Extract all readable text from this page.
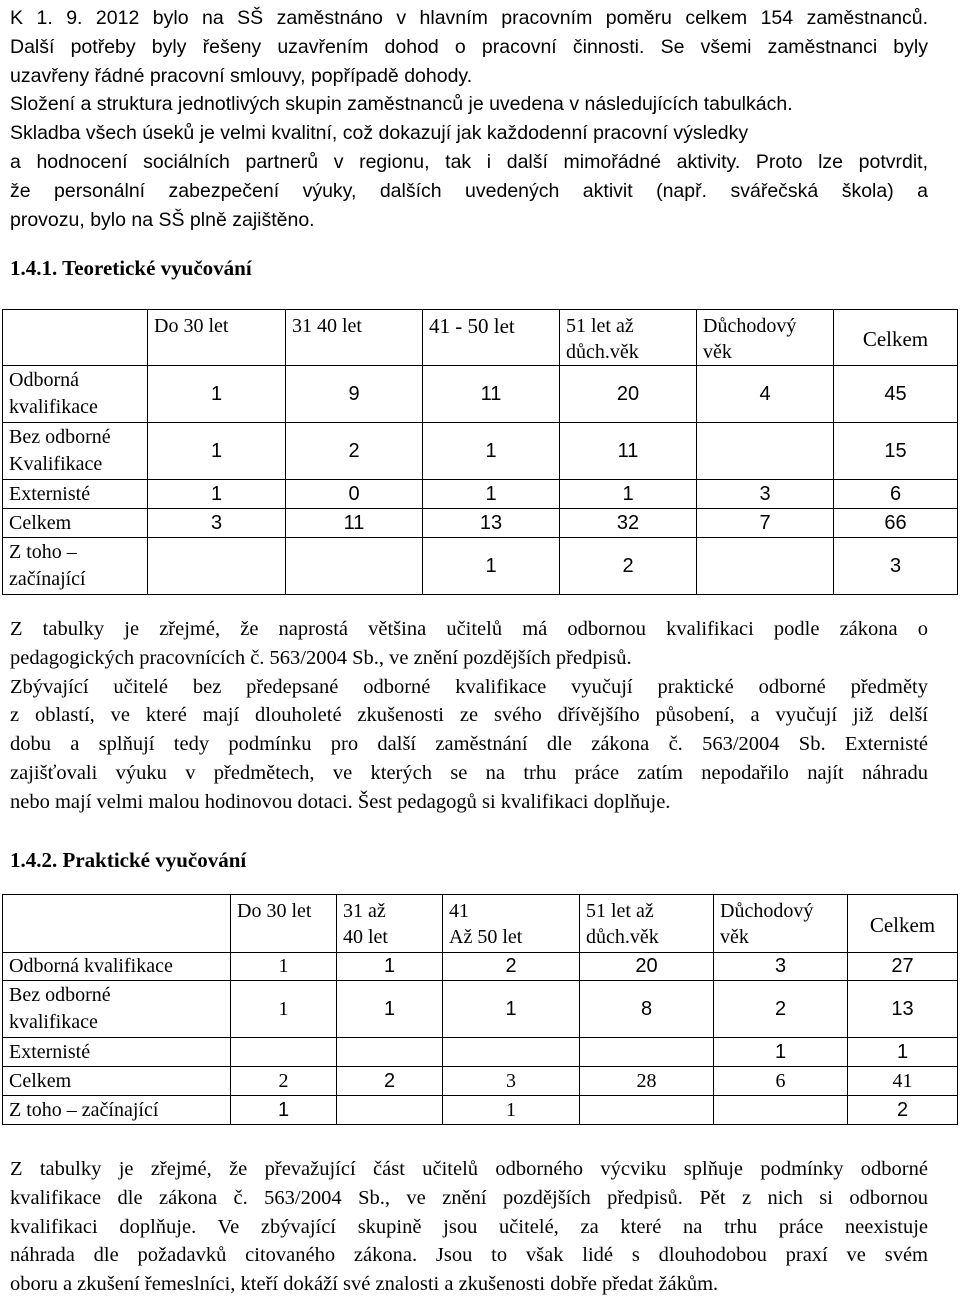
K 1. 9. 2012 bylo na SŠ zaměstnáno v hlavním pracovním poměru celkem 154 zaměstnanců.
Další potřeby byly řešeny uzavřením dohod o pracovní činnosti. Se všemi zaměstnanci byly
uzavřeny řádné pracovní smlouvy, popřípadě dohody.
Složení a struktura jednotlivých skupin zaměstnanců je uvedena v následujících tabulkách.
Skladba všech úseků je velmi kvalitní, což dokazují jak každodenní pracovní výsledky
a hodnocení sociálních partnerů v regionu, tak i další mimořádné aktivity. Proto lze potvrdit,
že personální zabezpečení výuky, dalších uvedených aktivit (např. svářečská škola) a
provozu, bylo na SŠ plně zajištěno.
1.4.1. Teoretické vyučování
	Do 30 let	31 40 let	41 - 50 let	51 let až
důch.věk	Důchodový
věk	Celkem
Odborná
kvalifikace	1	9	11	20	4	45
Bez odborné
Kvalifikace	1	2	1	11		15
Externisté	1	0	1	1	3	6
Celkem	3	11	13	32	7	66
Z toho –
začínající			1	2		3
Z tabulky je zřejmé, že naprostá většina učitelů má odbornou kvalifikaci podle zákona o
pedagogických pracovnících č. 563/2004 Sb., ve znění pozdějších předpisů.
Zbývající učitelé bez předepsané odborné kvalifikace vyučují praktické odborné předměty
z oblastí, ve které mají dlouholeté zkušenosti ze svého dřívějšího působení, a vyučují již delší
dobu a splňují tedy podmínku pro další zaměstnání dle zákona č. 563/2004 Sb. Externisté
zajišťovali výuku v předmětech, ve kterých se na trhu práce zatím nepodařilo najít náhradu
nebo mají velmi malou hodinovou dotaci. Šest pedagogů si kvalifikaci doplňuje.
1.4.2. Praktické vyučování
	Do 30 let	31 až
40 let	41
Až 50 let	51 let až
důch.věk	Důchodový
věk	Celkem
Odborná kvalifikace	1	1	2	20	3	27
Bez odborné
kvalifikace	1	1	1	8	2	13
Externisté					1	1
Celkem	2	2	3	28	6	41
Z toho – začínající	1		1			2
Z tabulky je zřejmé, že převažující část učitelů odborného výcviku splňuje podmínky odborné
kvalifikace dle zákona č. 563/2004 Sb., ve znění pozdějších předpisů. Pět z nich si odbornou
kvalifikaci doplňuje. Ve zbývající skupině jsou učitelé, za které na trhu práce neexistuje
náhrada dle požadavků citovaného zákona. Jsou to však lidé s dlouhodobou praxí ve svém
oboru a zkušení řemeslníci, kteří dokáží své znalosti a zkušenosti dobře předat žákům.
